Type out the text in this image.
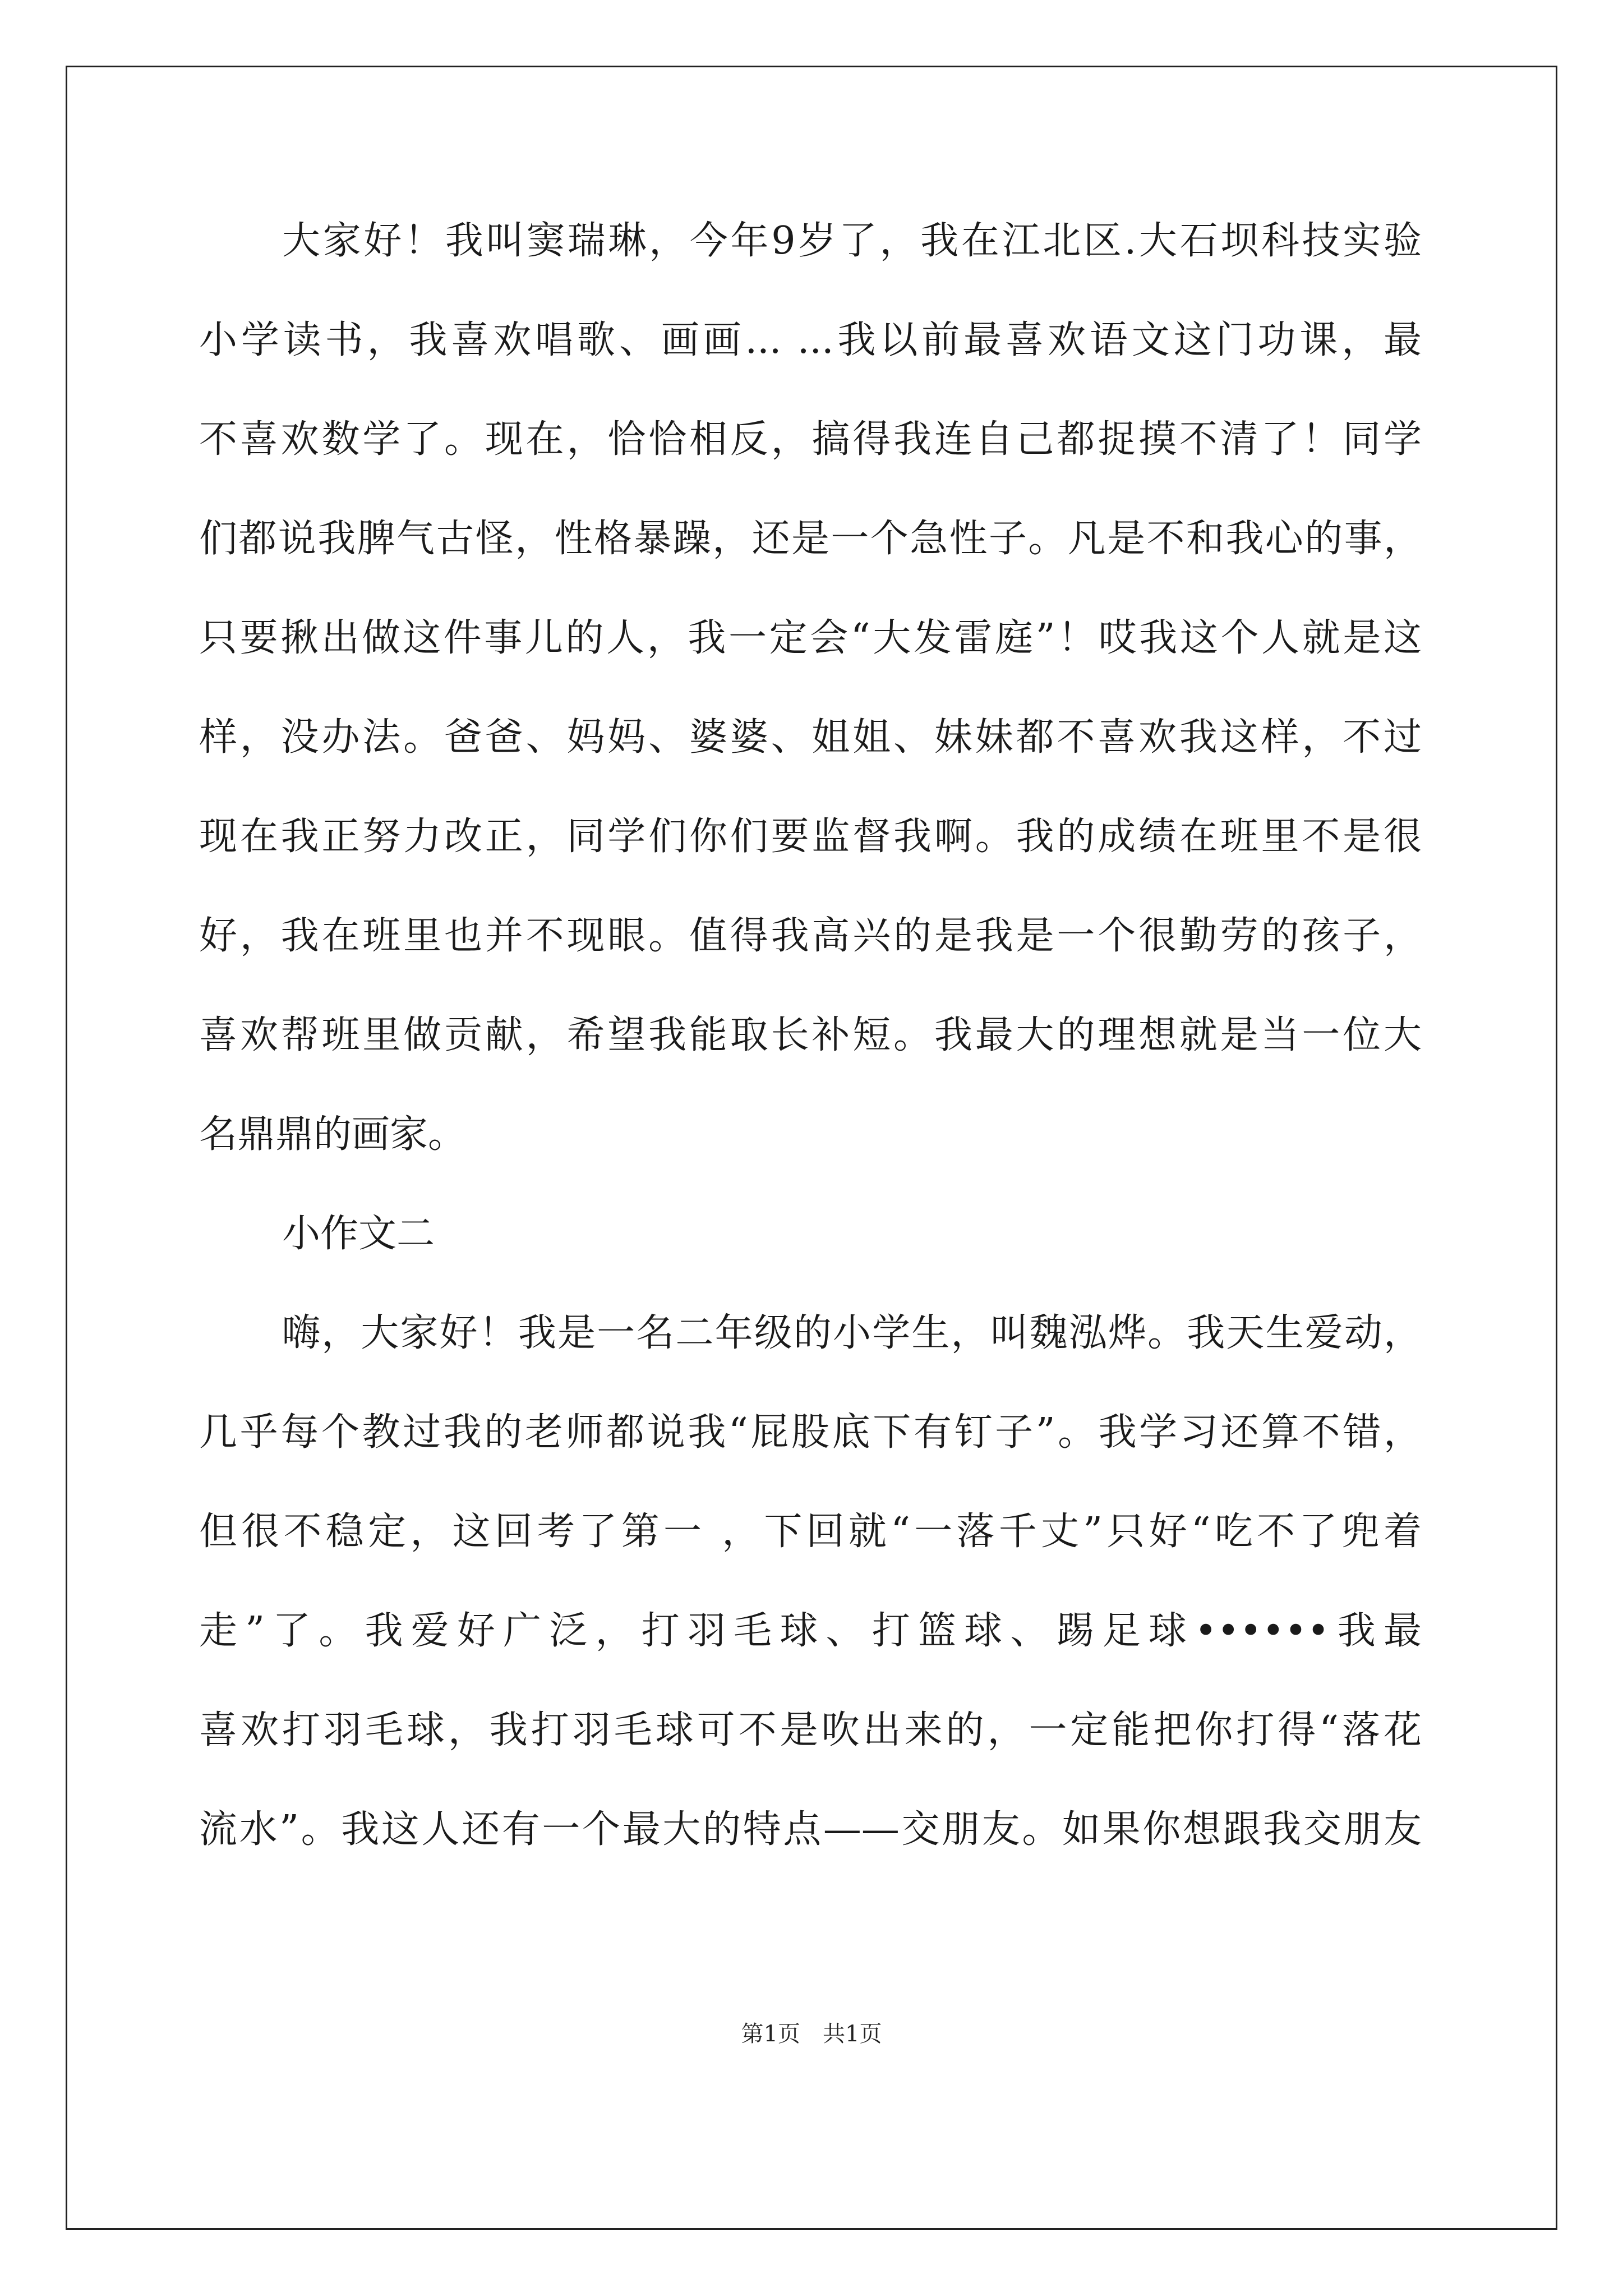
大家好！我叫窦瑞琳，今年9岁了，我在江北区.大石坝科技实验
小学读书，我喜欢唱歌、画画... ...我以前最喜欢语文这门功课，最
不喜欢数学了。现在，恰恰相反，搞得我连自己都捉摸不清了！同学
们都说我脾气古怪，性格暴躁，还是一个急性子。凡是不和我心的事，
只要揪出做这件事儿的人，我一定会“大发雷庭”！哎我这个人就是这
样，没办法。爸爸、妈妈、婆婆、姐姐、妹妹都不喜欢我这样，不过
现在我正努力改正，同学们你们要监督我啊。我的成绩在班里不是很
好，我在班里也并不现眼。值得我高兴的是我是一个很勤劳的孩子，
喜欢帮班里做贡献，希望我能取长补短。我最大的理想就是当一位大
名鼎鼎的画家。
小作文二
嗨，大家好！我是一名二年级的小学生，叫魏泓烨。我天生爱动，
几乎每个教过我的老师都说我“屁股底下有钉子”。我学习还算不错，
但很不稳定，这回考了第一 ，下回就“一落千丈”只好“吃不了兜着
走”了。我爱好广泛，打羽毛球、打篮球、踢足球••••••我最
喜欢打羽毛球，我打羽毛球可不是吹出来的，一定能把你打得“落花
流水”。我这人还有一个最大的特点——交朋友。如果你想跟我交朋友
第1页　共1页
